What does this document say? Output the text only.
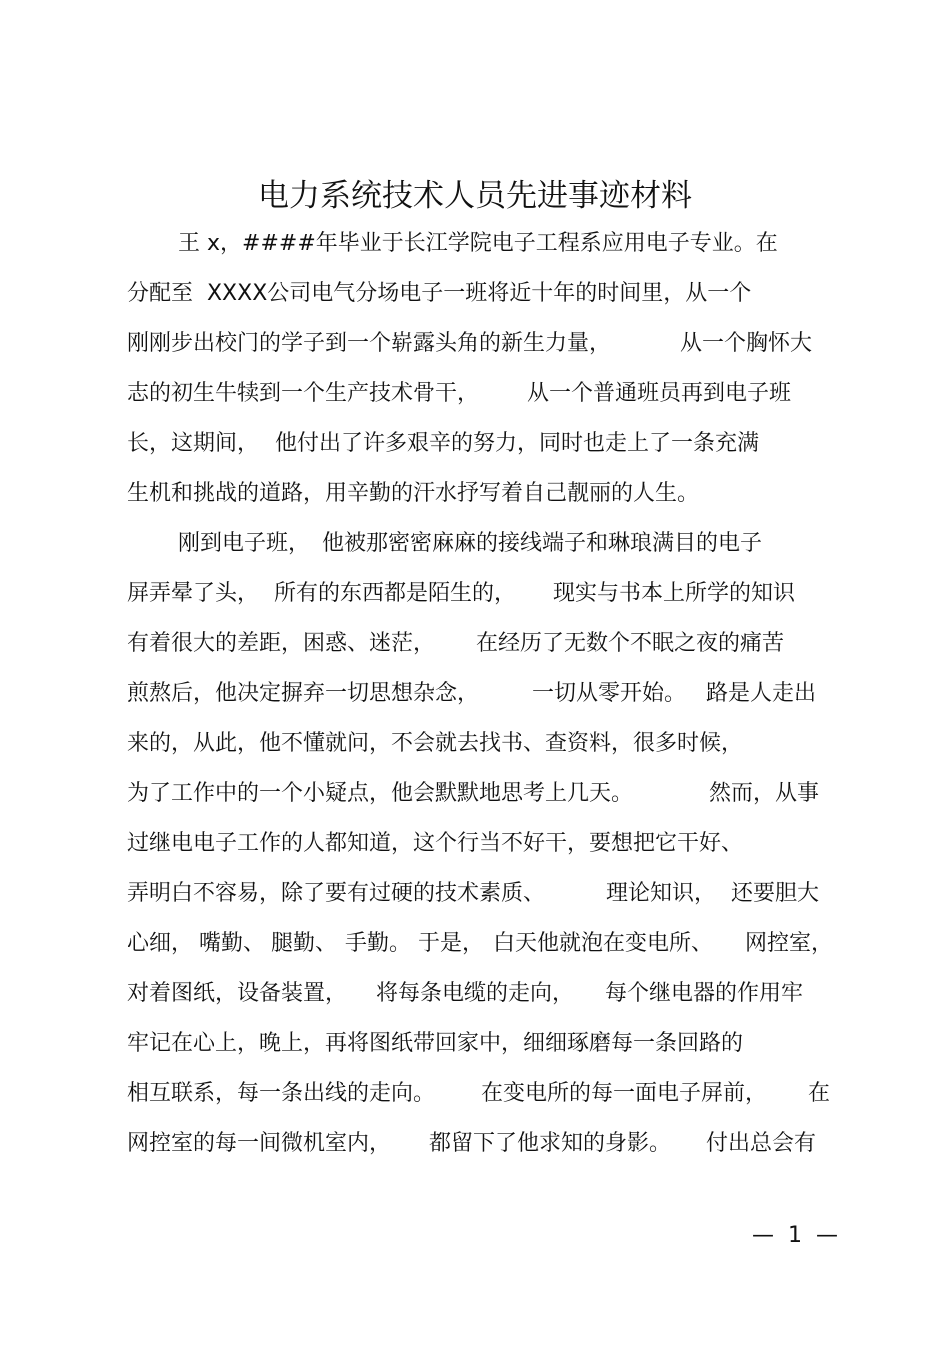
电力系统技术人员先进事迹材料
王 x，####年毕业于长江学院电子工程系应用电子专业。在
分配至  XXXX公司电气分场电子一班将近十年的时间里，从一个
刚刚步出校门的学子到一个崭露头角的新生力量，	从一个胸怀大
志的初生牛犊到一个生产技术骨干， 从一个普通班员再到电子班
长，这期间， 他付出了许多艰辛的努力，同时也走上了一条充满
生机和挑战的道路，用辛勤的汗水抒写着自己靓丽的人生。
刚到电子班， 他被那密密麻麻的接线端子和琳琅满目的电子
屏弄晕了头， 所有的东西都是陌生的， 现实与书本上所学的知识
有着很大的差距，困惑、迷茫， 在经历了无数个不眠之夜的痛苦
煎熬后，他决定摒弃一切思想杂念， 一切从零开始。 路是人走出
来的，从此，他不懂就问，不会就去找书、查资料，很多时候，
为了工作中的一个小疑点，他会默默地思考上几天。	然而，从事
过继电电子工作的人都知道，这个行当不好干，要想把它干好、
弄明白不容易，除了要有过硬的技术素质、	理论知识， 还要胆大
心细， 嘴勤、 腿勤、 手勤。 于是， 白天他就泡在变电所、 网控室，
对着图纸，设备装置， 将每条电缆的走向， 每个继电器的作用牢
牢记在心上，晚上，再将图纸带回家中，细细琢磨每一条回路的
相互联系，每一条出线的走向。 在变电所的每一面电子屏前， 在
网控室的每一间微机室内， 都留下了他求知的身影。 付出总会有
—  1  —
